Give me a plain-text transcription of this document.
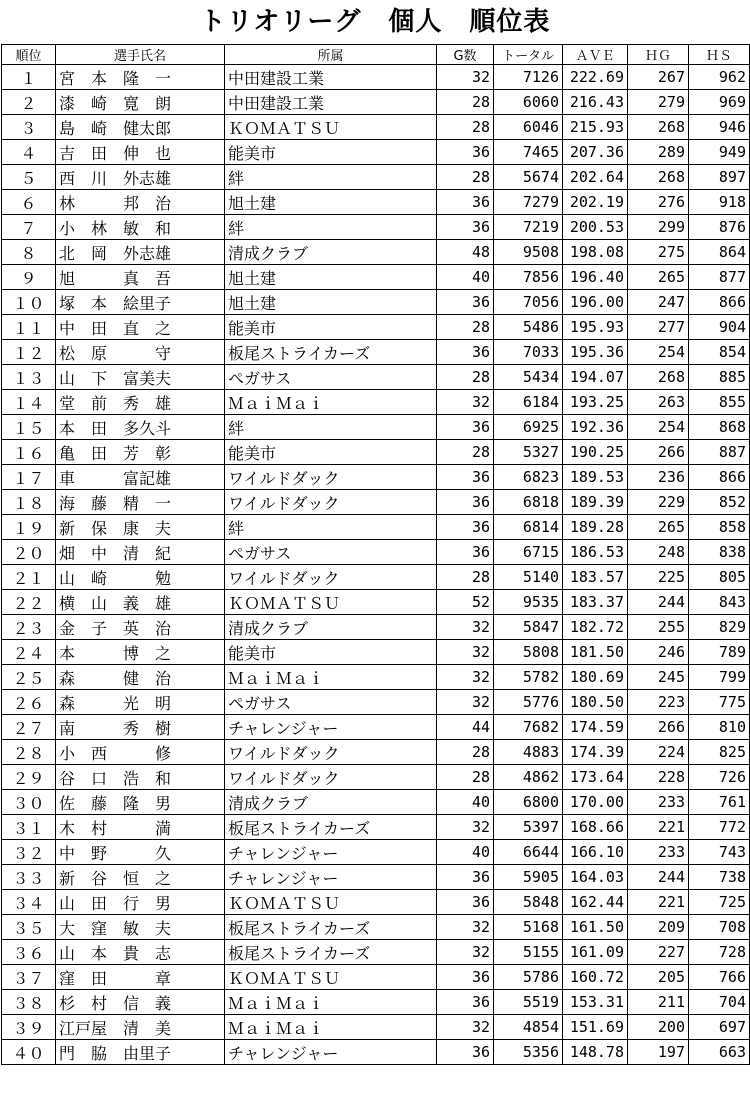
トリオリーグ　個人　順位表
順位	選手氏名	所属	G数	トータル	ＡＶＥ	ＨＧ	ＨＳ
１	宮　本　隆　一	中田建設工業	32	7126	222.69	267	962
２	漆　崎　寛　朗	中田建設工業	28	6060	216.43	279	969
３	島　崎　健太郎	ＫＯＭＡＴＳＵ	28	6046	215.93	268	946
４	吉　田　伸　也	能美市	36	7465	207.36	289	949
５	西　川　外志雄	絆	28	5674	202.64	268	897
６	林　　　邦　治	旭土建	36	7279	202.19	276	918
７	小　林　敏　和	絆	36	7219	200.53	299	876
８	北　岡　外志雄	清成クラブ	48	9508	198.08	275	864
９	旭　　　真　吾	旭土建	40	7856	196.40	265	877
１０	塚　本　絵里子	旭土建	36	7056	196.00	247	866
１１	中　田　直　之	能美市	28	5486	195.93	277	904
１２	松　原　　　守	板尾ストライカーズ	36	7033	195.36	254	854
１３	山　下　富美夫	ペガサス	28	5434	194.07	268	885
１４	堂　前　秀　雄	ＭａｉＭａｉ	32	6184	193.25	263	855
１５	本　田　多久斗	絆	36	6925	192.36	254	868
１６	亀　田　芳　彰	能美市	28	5327	190.25	266	887
１７	車　　　富記雄	ワイルドダック	36	6823	189.53	236	866
１８	海　藤　精　一	ワイルドダック	36	6818	189.39	229	852
１９	新　保　康　夫	絆	36	6814	189.28	265	858
２０	畑　中　清　紀	ペガサス	36	6715	186.53	248	838
２１	山　崎　　　勉	ワイルドダック	28	5140	183.57	225	805
２２	横　山　義　雄	ＫＯＭＡＴＳＵ	52	9535	183.37	244	843
２３	金　子　英　治	清成クラブ	32	5847	182.72	255	829
２４	本　　　博　之	能美市	32	5808	181.50	246	789
２５	森　　　健　治	ＭａｉＭａｉ	32	5782	180.69	245	799
２６	森　　　光　明	ペガサス	32	5776	180.50	223	775
２７	南　　　秀　樹	チャレンジャー	44	7682	174.59	266	810
２８	小　西　　　修	ワイルドダック	28	4883	174.39	224	825
２９	谷　口　浩　和	ワイルドダック	28	4862	173.64	228	726
３０	佐　藤　隆　男	清成クラブ	40	6800	170.00	233	761
３１	木　村　　　満	板尾ストライカーズ	32	5397	168.66	221	772
３２	中　野　　　久	チャレンジャー	40	6644	166.10	233	743
３３	新　谷　恒　之	チャレンジャー	36	5905	164.03	244	738
３４	山　田　行　男	ＫＯＭＡＴＳＵ	36	5848	162.44	221	725
３５	大　窪　敏　夫	板尾ストライカーズ	32	5168	161.50	209	708
３６	山　本　貴　志	板尾ストライカーズ	32	5155	161.09	227	728
３７	窪　田　　　章	ＫＯＭＡＴＳＵ	36	5786	160.72	205	766
３８	杉　村　信　義	ＭａｉＭａｉ	36	5519	153.31	211	704
３９	江戸屋　清　美	ＭａｉＭａｉ	32	4854	151.69	200	697
４０	門　脇　由里子	チャレンジャー	36	5356	148.78	197	663
